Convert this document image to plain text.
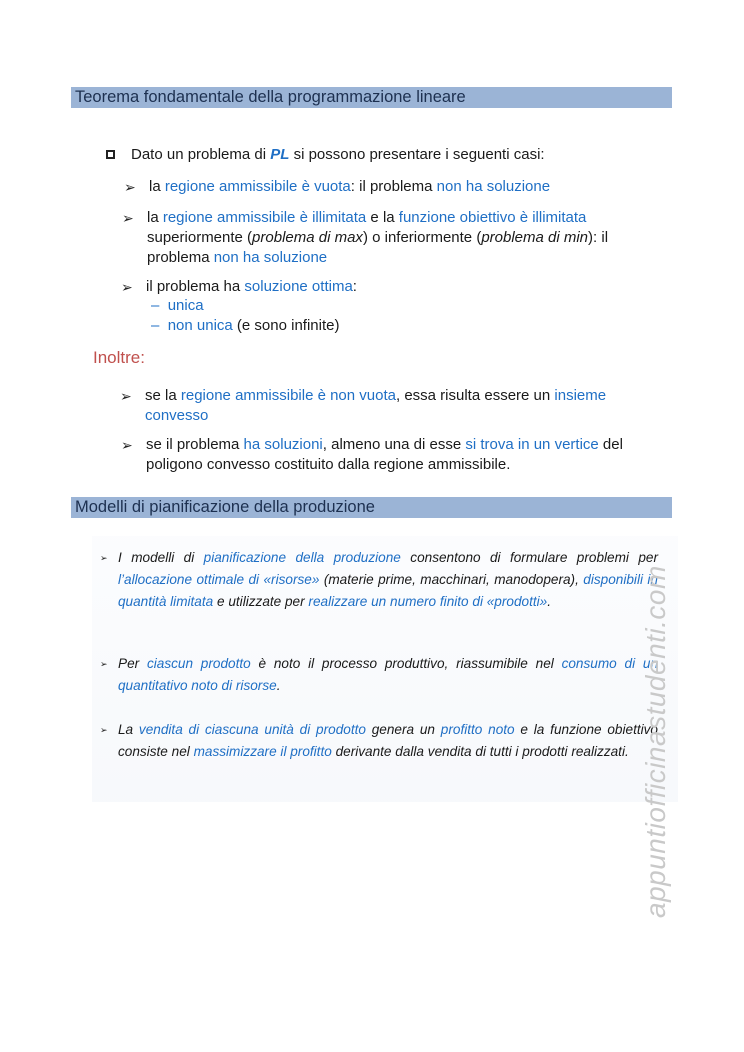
Teorema fondamentale della programmazione lineare
Dato un problema di PL si possono presentare i seguenti casi:
➢ la regione ammissibile è vuota: il problema non ha soluzione
➢ la regione ammissibile è illimitata e la funzione obiettivo è illimitata
superiormente (problema di max) o inferiormente (problema di min): il
problema non ha soluzione
➢ il problema ha soluzione ottima:
–  unica
–  non unica (e sono infinite)
Inoltre:
➢ se la regione ammissibile è non vuota, essa risulta essere un insieme
convesso
➢ se il problema ha soluzioni, almeno una di esse si trova in un vertice del
poligono convesso costituito dalla regione ammissibile.
Modelli di pianificazione della produzione
➢ I modelli di pianificazione della produzione consentono di formulare problemi per l’allocazione ottimale di «risorse» (materie prime, macchinari, manodopera), disponibili in quantità limitata e utilizzate per realizzare un numero finito di «prodotti».
➢ Per ciascun prodotto è noto il processo produttivo, riassumibile nel consumo di un quantitativo noto di risorse.
➢ La vendita di ciascuna unità di prodotto genera un profitto noto e la funzione obiettivo consiste nel massimizzare il profitto derivante dalla vendita di tutti i prodotti realizzati. appuntiofficinastudenti.com
